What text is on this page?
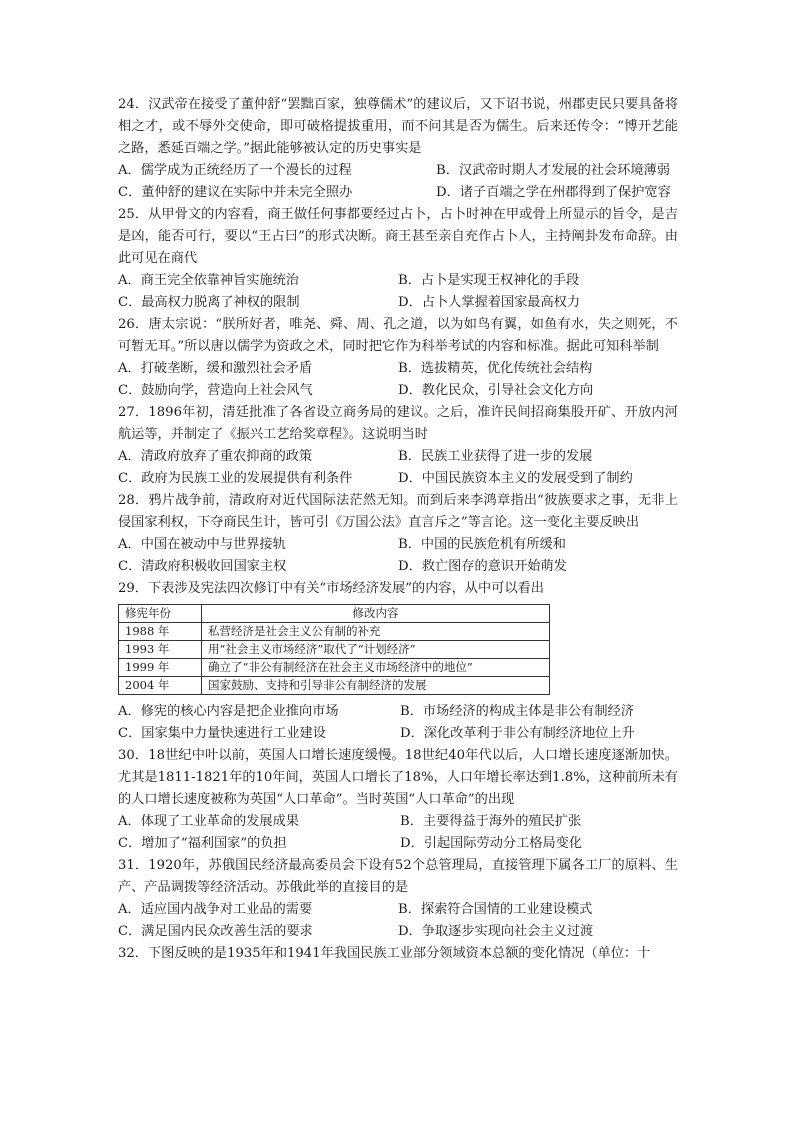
24．汉武帝在接受了董仲舒“罢黜百家，独尊儒术”的建议后，又下诏书说，州郡吏民只要具备将相之才，或不辱外交使命，即可破格提拔重用，而不问其是否为儒生。后来还传令：“博开艺能之路，悉延百端之学。”据此能够被认定的历史事实是

A．儒学成为正统经历了一个漫长的过程	B．汉武帝时期人才发展的社会环境薄弱
C．董仲舒的建议在实际中并未完全照办	D．诸子百端之学在州郡得到了保护宽容

25．从甲骨文的内容看，商王做任何事都要经过占卜，占卜时神在甲或骨上所显示的旨令，是吉是凶，能否可行，要以“王占曰”的形式决断。商王甚至亲自充作占卜人，主持阐卦发布命辞。由此可见在商代

A．商王完全依靠神旨实施统治	B．占卜是实现王权神化的手段
C．最高权力脱离了神权的限制	D．占卜人掌握着国家最高权力

26．唐太宗说：“朕所好者，唯尧、舜、周、孔之道，以为如鸟有翼，如鱼有水，失之则死，不可暂无耳。”所以唐以儒学为资政之术，同时把它作为科举考试的内容和标准。据此可知科举制

A．打破垄断，缓和激烈社会矛盾	B．选拔精英，优化传统社会结构
C．鼓励向学，营造向上社会风气	D．教化民众，引导社会文化方向

27．1896年初，清廷批准了各省设立商务局的建议。之后，准许民间招商集股开矿、开放内河航运等，并制定了《振兴工艺给奖章程》。这说明当时

A．清政府放弃了重农抑商的政策	B．民族工业获得了进一步的发展
C．政府为民族工业的发展提供有利条件	D．中国民族资本主义的发展受到了制约

28．鸦片战争前，清政府对近代国际法茫然无知。而到后来李鸿章指出“彼族要求之事，无非上侵国家利权，下夺商民生计，皆可引《万国公法》直言斥之”等言论。这一变化主要反映出

A．中国在被动中与世界接轨	B．中国的民族危机有所缓和
C．清政府积极收回国家主权	D．救亡图存的意识开始萌发

29．下表涉及宪法四次修订中有关“市场经济发展”的内容，从中可以看出

修宪年份	修改内容
1988 年	私营经济是社会主义公有制的补充
1993 年	用“社会主义市场经济”取代了“计划经济”
1999 年	确立了“非公有制经济在社会主义市场经济中的地位”
2004 年	国家鼓励、支持和引导非公有制经济的发展
A．修宪的核心内容是把企业推向市场	B．市场经济的构成主体是非公有制经济
C．国家集中力量快速进行工业建设	D．深化改革利于非公有制经济地位上升

30．18世纪中叶以前，英国人口增长速度缓慢。18世纪40年代以后，人口增长速度逐渐加快。尤其是1811-1821年的10年间，英国人口增长了18%，人口年增长率达到1.8%，这种前所未有的人口增长速度被称为英国“人口革命”。当时英国“人口革命”的出现

A．体现了工业革命的发展成果	B．主要得益于海外的殖民扩张
C．增加了“福利国家”的负担	D．引起国际劳动分工格局变化

31．1920年，苏俄国民经济最高委员会下设有52个总管理局，直接管理下属各工厂的原料、生产、产品调拨等经济活动。苏俄此举的直接目的是

A．适应国内战争对工业品的需要	B．探索符合国情的工业建设模式
C．满足国内民众改善生活的要求	D．争取逐步实现向社会主义过渡

32．下图反映的是1935年和1941年我国民族工业部分领域资本总额的变化情况（单位：十
